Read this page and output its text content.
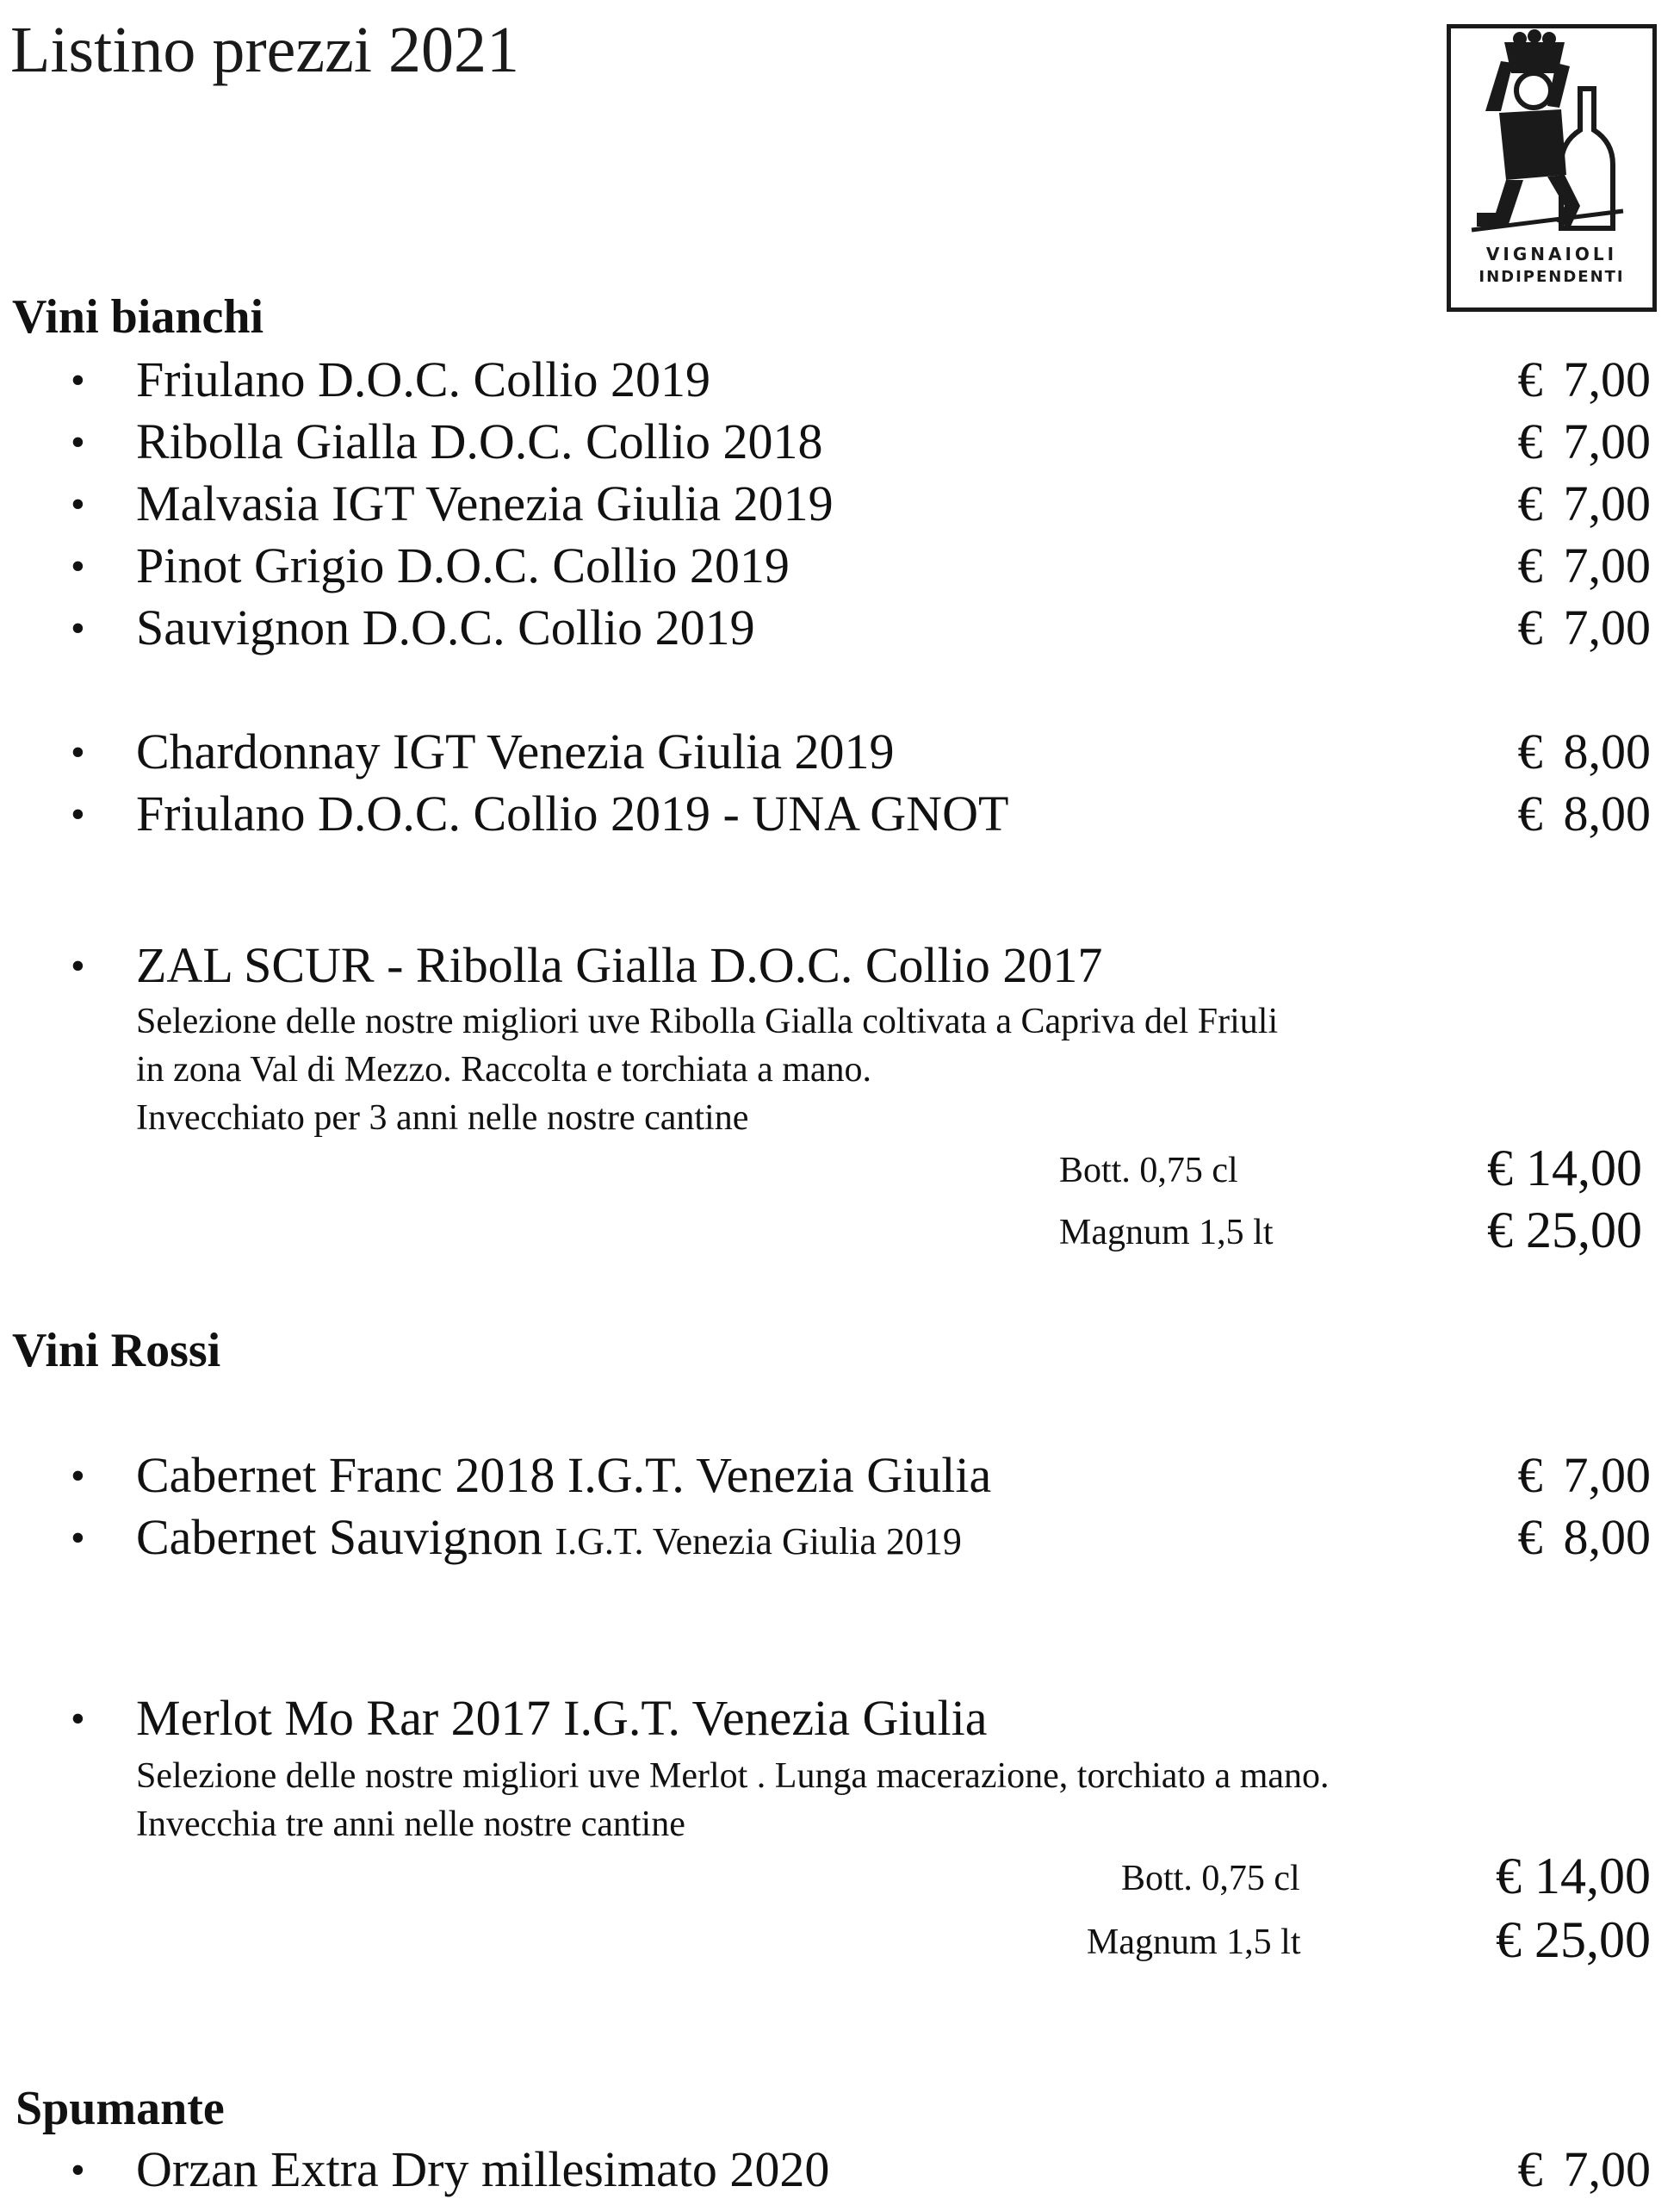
Listino prezzi 2021
VIGNAIOLI
INDIPENDENTI
Vini bianchi
• Friulano D.O.C. Collio 2019	€ 7,00
• Ribolla Gialla D.O.C. Collio 2018	€ 7,00
• Malvasia IGT Venezia Giulia 2019	€ 7,00
• Pinot Grigio D.O.C. Collio 2019	€ 7,00
• Sauvignon D.O.C. Collio 2019	€ 7,00
• Chardonnay IGT Venezia Giulia 2019	€ 8,00
• Friulano D.O.C. Collio 2019 - UNA GNOT	€ 8,00
• ZAL SCUR - Ribolla Gialla D.O.C. Collio 2017
Selezione delle nostre migliori uve Ribolla Gialla coltivata a Capriva del Friuli
in zona Val di Mezzo. Raccolta e torchiata a mano.
Invecchiato per 3 anni nelle nostre cantine
Bott. 0,75 cl	€ 14,00
Magnum 1,5 lt	€ 25,00
Vini Rossi
• Cabernet Franc 2018 I.G.T. Venezia Giulia	€ 7,00
• Cabernet Sauvignon I.G.T. Venezia Giulia 2019	€ 8,00
• Merlot Mo Rar 2017 I.G.T. Venezia Giulia
Selezione delle nostre migliori uve Merlot . Lunga macerazione, torchiato a mano.
Invecchia tre anni nelle nostre cantine
Bott. 0,75 cl	€ 14,00
Magnum 1,5 lt	€ 25,00
Spumante
• Orzan Extra Dry millesimato 2020	€ 7,00
